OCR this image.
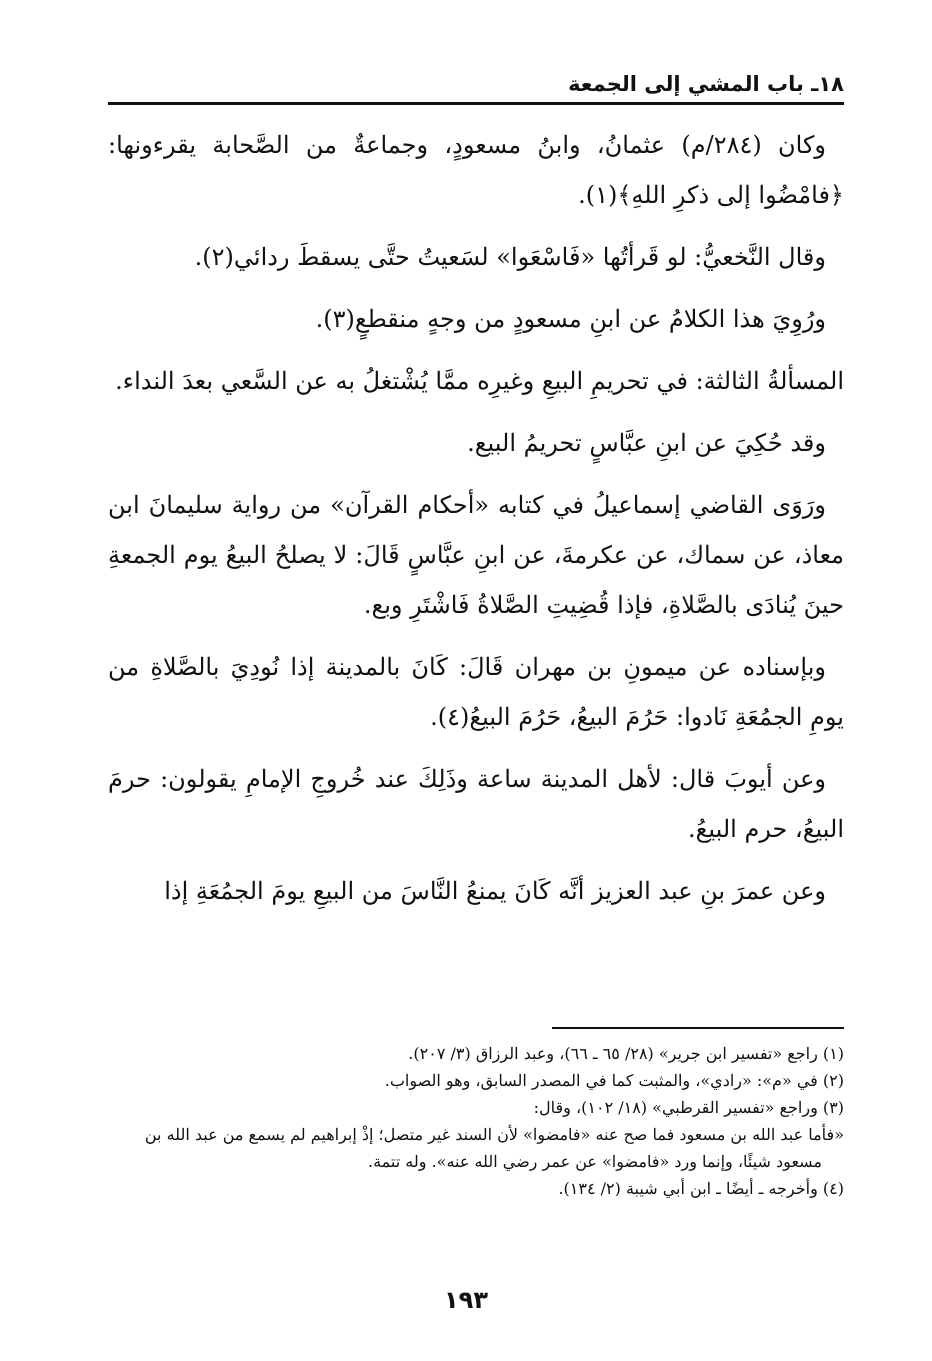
١٨ـ باب المشي إلى الجمعة

وكان (٢٨٤/م) عثمانُ، وابنُ مسعودٍ، وجماعةٌ من الصَّحابة يقرءونها: ﴿فامْضُوا إلى ذكرِ اللهِ﴾(١).

وقال النَّخعيُّ: لو قَرأتُها «فَاسْعَوا» لسَعيتُ حتَّى يسقطَ ردائي(٢).

ورُوِيَ هذا الكلامُ عن ابنِ مسعودٍ من وجهٍ منقطعٍ(٣).

المسألةُ الثالثة: في تحريمِ البيعِ وغيرِه ممَّا يُشْتغلُ به عن السَّعي بعدَ النداء.

وقد حُكِيَ عن ابنِ عبَّاسٍ تحريمُ البيع.

ورَوَى القاضي إسماعيلُ في كتابه «أحكام القرآن» من رواية سليمانَ ابن معاذ، عن سماك، عن عكرمةَ، عن ابنِ عبَّاسٍ قَالَ: لا يصلحُ البيعُ يوم الجمعةِ حينَ يُنادَى بالصَّلاةِ، فإذا قُضِيتِ الصَّلاةُ فَاشْتَرِ وبع.

وبإسناده عن ميمونِ بن مهران قَالَ: كَانَ بالمدينة إذا نُودِيَ بالصَّلاةِ من يومِ الجمُعَةِ نَادوا: حَرُمَ البيعُ، حَرُمَ البيعُ(٤).

وعن أيوبَ قال: لأهل المدينة ساعة وذَلِكَ عند خُروجِ الإمامِ يقولون: حرمَ البيعُ، حرم البيعُ.

وعن عمرَ بنِ عبد العزيز أنَّه كَانَ يمنعُ النَّاسَ من البيعِ يومَ الجمُعَةِ إذا

(١) راجع «تفسير ابن جرير» (٢٨/ ٦٥ ـ ٦٦)، وعبد الرزاق (٣/ ٢٠٧).

(٢) في «م»: «رادي»، والمثبت كما في المصدر السابق، وهو الصواب.

(٣) وراجع «تفسير القرطبي» (١٨/ ١٠٢)، وقال:

«فأما عبد الله بن مسعود فما صح عنه «فامضوا» لأن السند غير متصل؛ إذْ إبراهيم لم يسمع من عبد الله بن مسعود شيئًا، وإنما ورد «فامضوا» عن عمر رضي الله عنه». وله تتمة.

(٤) وأخرجه ـ أيضًا ـ ابن أبي شيبة (٢/ ١٣٤).

١٩٣
